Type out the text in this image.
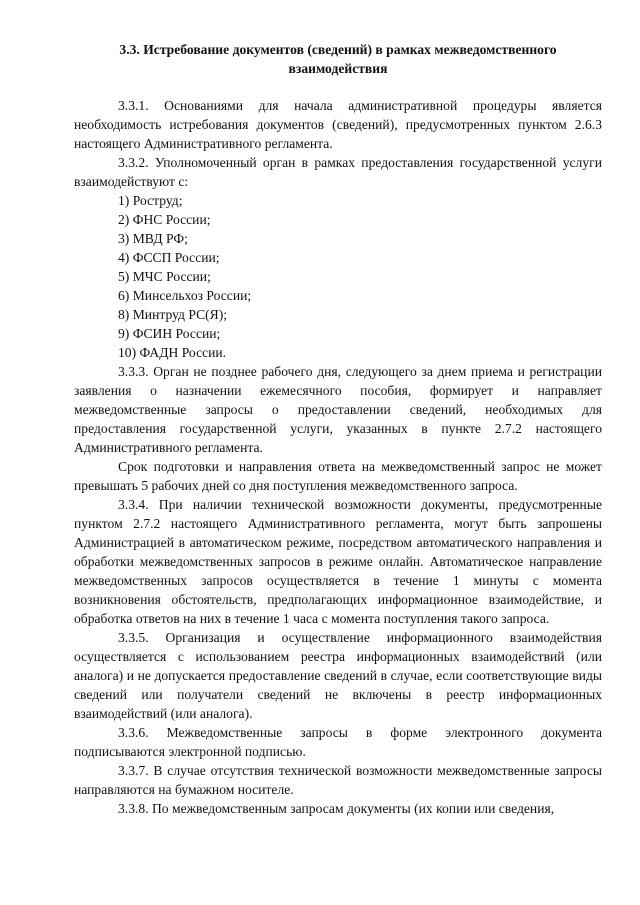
3.3. Истребование документов (сведений) в рамках межведомственного взаимодействия

3.3.1. Основаниями для начала административной процедуры является необходимость истребования документов (сведений), предусмотренных пунктом 2.6.3 настоящего Административного регламента.

3.3.2. Уполномоченный орган в рамках предоставления государственной услуги взаимодействуют с:

1) Роструд;
2) ФНС России;
3) МВД РФ;
4) ФССП России;
5) МЧС России;
6) Минсельхоз России;
8) Минтруд РС(Я);
9) ФСИН России;
10) ФАДН России.

3.3.3. Орган не позднее рабочего дня, следующего за днем приема и регистрации заявления о назначении ежемесячного пособия, формирует и направляет межведомственные запросы о предоставлении сведений, необходимых для предоставления государственной услуги, указанных в пункте 2.7.2 настоящего Административного регламента.

Срок подготовки и направления ответа на межведомственный запрос не может превышать 5 рабочих дней со дня поступления межведомственного запроса.

3.3.4. При наличии технической возможности документы, предусмотренные пунктом 2.7.2 настоящего Административного регламента, могут быть запрошены Администрацией в автоматическом режиме, посредством автоматического направления и обработки межведомственных запросов в режиме онлайн. Автоматическое направление межведомственных запросов осуществляется в течение 1 минуты с момента возникновения обстоятельств, предполагающих информационное взаимодействие, и обработка ответов на них в течение 1 часа с момента поступления такого запроса.

3.3.5. Организация и осуществление информационного взаимодействия осуществляется с использованием реестра информационных взаимодействий (или аналога) и не допускается предоставление сведений в случае, если соответствующие виды сведений или получатели сведений не включены в реестр информационных взаимодействий (или аналога).

3.3.6. Межведомственные запросы в форме электронного документа подписываются электронной подписью.

3.3.7. В случае отсутствия технической возможности межведомственные запросы направляются на бумажном носителе.

3.3.8. По межведомственным запросам документы (их копии или сведения,
